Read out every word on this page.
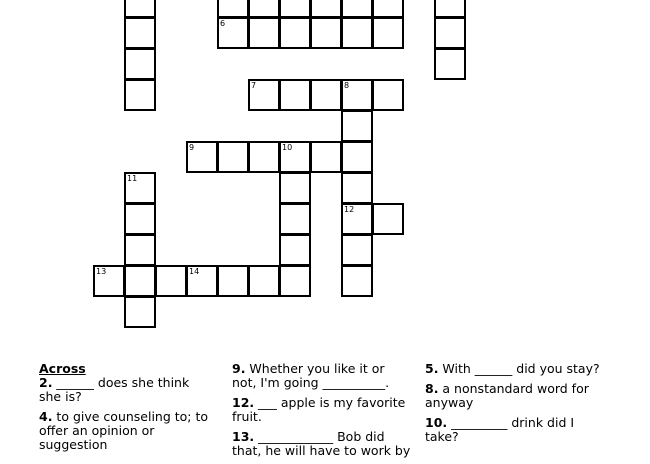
6
7	8
9	10
11
12
13	14
Across
2. ______ does she think she is?
4. to give counseling to; to offer an opinion or suggestion
9. Whether you like it or not, I'm going __________.
12. ___ apple is my favorite fruit.
13. ____________ Bob did that, he will have to work by
5. With ______ did you stay?
8. a nonstandard word for anyway
10. _________ drink did I take?
